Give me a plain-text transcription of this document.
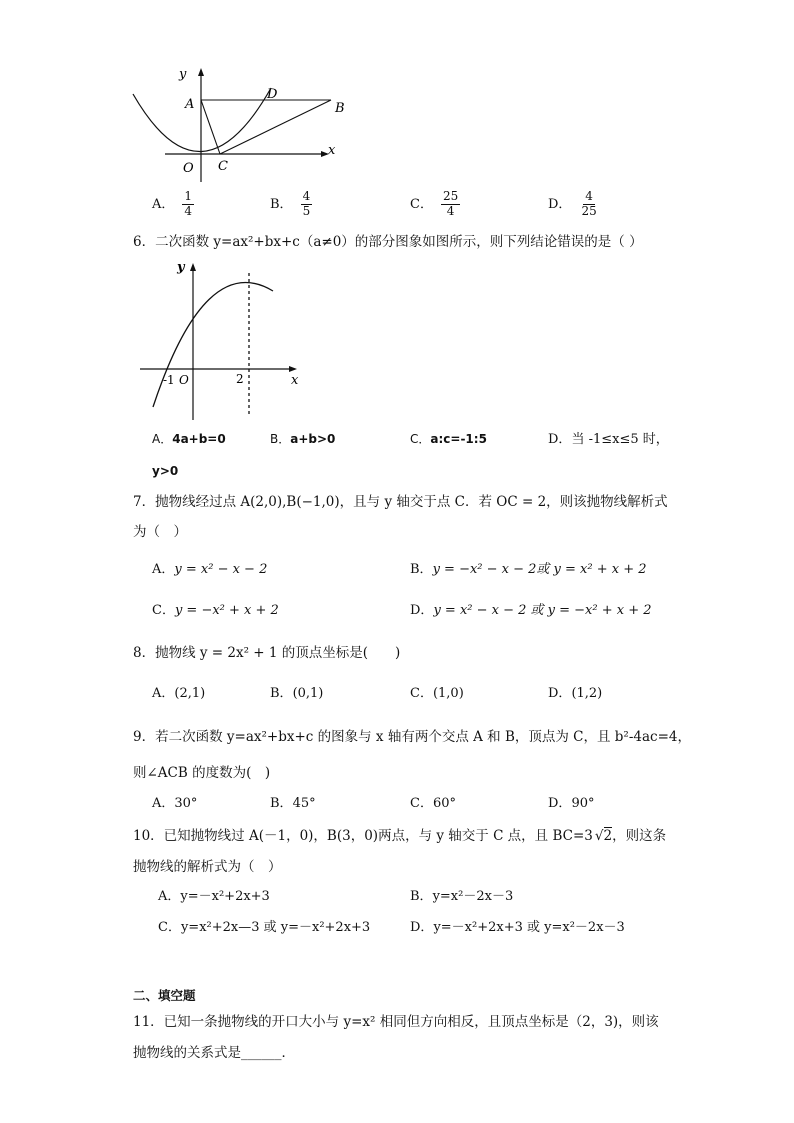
y
x
A	B
C
D
O
A． $\frac{1}{4}$	B． $\frac{4}{5}$	C． $\frac{25}{4}$	D． $\frac{4}{25}$
6．二次函数 y=ax²+bx+c（a≠0）的部分图象如图所示，则下列结论错误的是（ ）
y
x
O
-1	2
A．4a+b=0	B．a+b>0	C．a:c=-1:5	D．当 -1≤x≤5 时，
y>0
7．抛物线经过点 A(2,0),B(−1,0)，且与 y 轴交于点 C．若 OC = 2，则该抛物线解析式
为（　）
A．y = x² − x − 2	B．y = −x² − x − 2或 y = x² + x + 2
C．y = −x² + x + 2	D．y = x² − x − 2 或 y = −x² + x + 2
8．抛物线 y = 2x² + 1 的顶点坐标是(　　)
A．(2,1)	B．(0,1)	C．(1,0)	D．(1,2)
9．若二次函数 y=ax²+bx+c 的图象与 x 轴有两个交点 A 和 B，顶点为 C，且 b²-4ac=4，
则∠ACB 的度数为(　)
A．30°	B．45°	C．60°	D．90°
10．已知抛物线过 A(－1，0)，B(3，0)两点，与 y 轴交于 C 点，且 BC=3 √2，则这条
抛物线的解析式为（　）
A．y=－x²+2x+3	B．y=x²－2x－3
C．y=x²+2x—3 或 y=－x²+2x+3	D．y=－x²+2x+3 或 y=x²－2x－3
二、填空题
11．已知一条抛物线的开口大小与 y=x² 相同但方向相反，且顶点坐标是（2，3)，则该
抛物线的关系式是______．
